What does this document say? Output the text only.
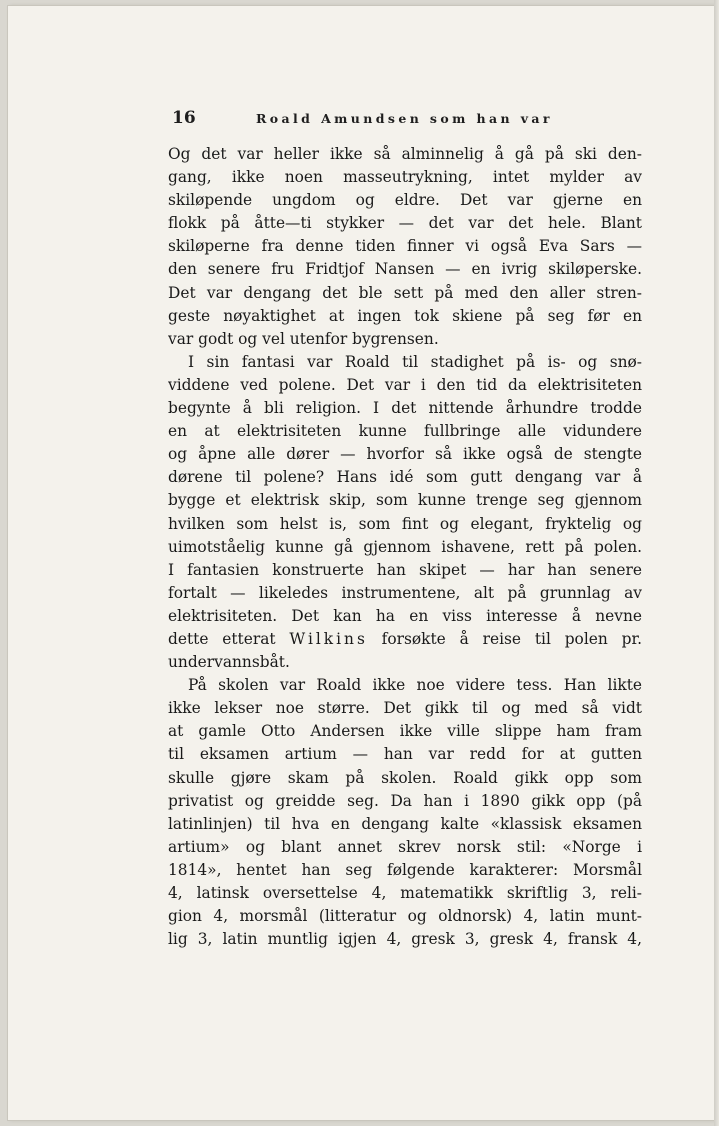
16	Roald Amundsen som han var
Og det var heller ikke så alminnelig å gå på ski den-
gang, ikke noen masseutrykning, intet mylder av
skiløpende ungdom og eldre. Det var gjerne en
flokk på åtte—ti stykker — det var det hele. Blant
skiløperne fra denne tiden finner vi også Eva Sars —
den senere fru Fridtjof Nansen — en ivrig skiløperske.
Det var dengang det ble sett på med den aller stren-
geste nøyaktighet at ingen tok skiene på seg før en
var godt og vel utenfor bygrensen.
I sin fantasi var Roald til stadighet på is- og snø-
viddene ved polene. Det var i den tid da elektrisiteten
begynte å bli religion. I det nittende århundre trodde
en at elektrisiteten kunne fullbringe alle vidundere
og åpne alle dører — hvorfor så ikke også de stengte
dørene til polene? Hans idé som gutt dengang var å
bygge et elektrisk skip, som kunne trenge seg gjennom
hvilken som helst is, som fint og elegant, fryktelig og
uimotståelig kunne gå gjennom ishavene, rett på polen.
I fantasien konstruerte han skipet — har han senere
fortalt — likeledes instrumentene, alt på grunnlag av
elektrisiteten. Det kan ha en viss interesse å nevne
dette etterat Wilkins forsøkte å reise til polen pr.
undervannsbåt.
På skolen var Roald ikke noe videre tess. Han likte
ikke lekser noe større. Det gikk til og med så vidt
at gamle Otto Andersen ikke ville slippe ham fram
til eksamen artium — han var redd for at gutten
skulle gjøre skam på skolen. Roald gikk opp som
privatist og greidde seg. Da han i 1890 gikk opp (på
latinlinjen) til hva en dengang kalte «klassisk eksamen
artium» og blant annet skrev norsk stil: «Norge i
1814», hentet han seg følgende karakterer: Morsmål
4, latinsk oversettelse 4, matematikk skriftlig 3, reli-
gion 4, morsmål (litteratur og oldnorsk) 4, latin munt-
lig 3, latin muntlig igjen 4, gresk 3, gresk 4, fransk 4,
